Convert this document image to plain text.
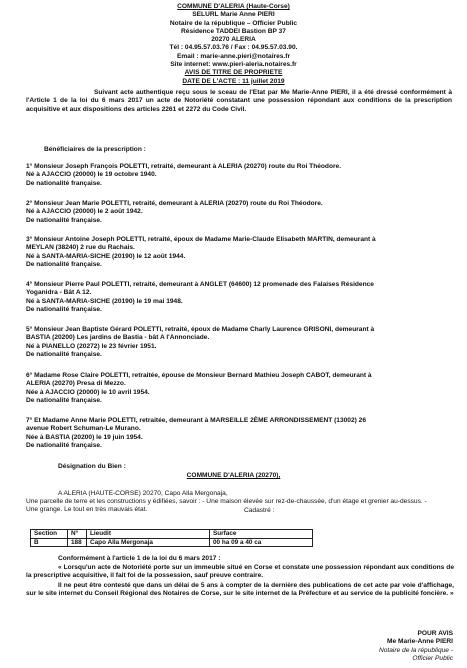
COMMUNE D'ALERIA (Haute-Corse)
SELURL Marie Anne PIERI
Notaire de la république – Officier Public
Résidence TADDEI Bastion BP 37
20270 ALERIA
Tél : 04.95.57.03.76 / Fax : 04.95.57.03.90.
Email : marie-anne.pieri@notaires.fr
Site internet: www.pieri-aleria.notaires.fr
AVIS DE TITRE DE PROPRIETE
DATE DE L'ACTE : 11 juillet 2019
Suivant acte authentique reçu sous le sceau de l'Etat par Me Marie-Anne PIERI, il a été dressé conformément à l'Article 1 de la loi du 6 mars 2017 un acte de Notoriété constatant une possession répondant aux conditions de la prescription acquisitive et aux dispositions des articles 2261 et 2272 du Code Civil.
Bénéficiaires de la prescription :
1° Monsieur Joseph François POLETTI, retraité, demeurant à ALERIA (20270) route du Roi Théodore.
Né à AJACCIO (20000) le 19 octobre 1940.
De nationalité française.
2° Monsieur Jean Marie POLETTI, retraité, demeurant à ALERIA (20270) route du Roi Théodore.
Né à AJACCIO (20000) le 2 août 1942.
De nationalité française.
3° Monsieur Antoine Joseph POLETTI, retraité, époux de Madame Marie-Claude Elisabeth MARTIN, demeurant à
MEYLAN (38240) 2 rue du Rachais.
Né à SANTA-MARIA-SICHE (20190) le 12 août 1944.
De nationalité française.
4° Monsieur Pierre Paul POLETTI, retraité, demeurant à ANGLET (64600) 12 promenade des Falaises Résidence
Yoganidra - Bât A 12.
Né à SANTA-MARIA-SICHE (20190) le 19 mai 1948.
De nationalité française.
5° Monsieur Jean Baptiste Gérard POLETTI, retraité, époux de Madame Charly Laurence GRISONI, demeurant à
BASTIA (20200) Les jardins de Bastia - bât A l'Annonciade.
Né à PIANELLO (20272) le 23 février 1951.
De nationalité française.
6° Madame Rose Claire POLETTI, retraitée, épouse de Monsieur Bernard Mathieu Joseph CABOT, demeurant à
ALERIA (20270) Presa di Mezzo.
Née à AJACCIO (20000) le 10 avril 1954.
De nationalité française.
7° Et Madame Anne Marie POLETTI, retraitée, demeurant à MARSEILLE 2ÈME ARRONDISSEMENT (13002) 26
avenue Robert Schuman-Le Murano.
Née à BASTIA (20200) le 19 juin 1954.
De nationalité française.
Désignation du Bien :
COMMUNE D'ALERIA (20270),
A ALERIA (HAUTE-CORSE) 20270, Capo Alla Mergonaja,
Une parcelle de terre et les constructions y édifiées, savoir : - Une maison élevée sur rez-de-chaussée, d'un étage et grenier au-dessus. - Une grange. Le tout en très mauvais état.	Cadastré :
Section	N°	Lieudit	Surface
B	188	Capo Alla Mergonaja	00 ha 09 a 40 ca
Conformément à l'article 1 de la loi du 6 mars 2017 :
« Lorsqu'un acte de Notoriété porte sur un immeuble situé en Corse et constate une possession répondant aux conditions de la prescriptive acquisitive, il fait foi de la possession, sauf preuve contraire.
Il ne peut être contesté que dans un délai de 5 ans à compter de la dernière des publications de cet acte par voie d'affichage, sur le site internet du Conseil Régional des Notaires de Corse, sur le site internet de la Préfecture et au service de la publicité foncière. »
POUR AVIS
Me Marie-Anne PIERI
Notaire de la république -
Officier Public
